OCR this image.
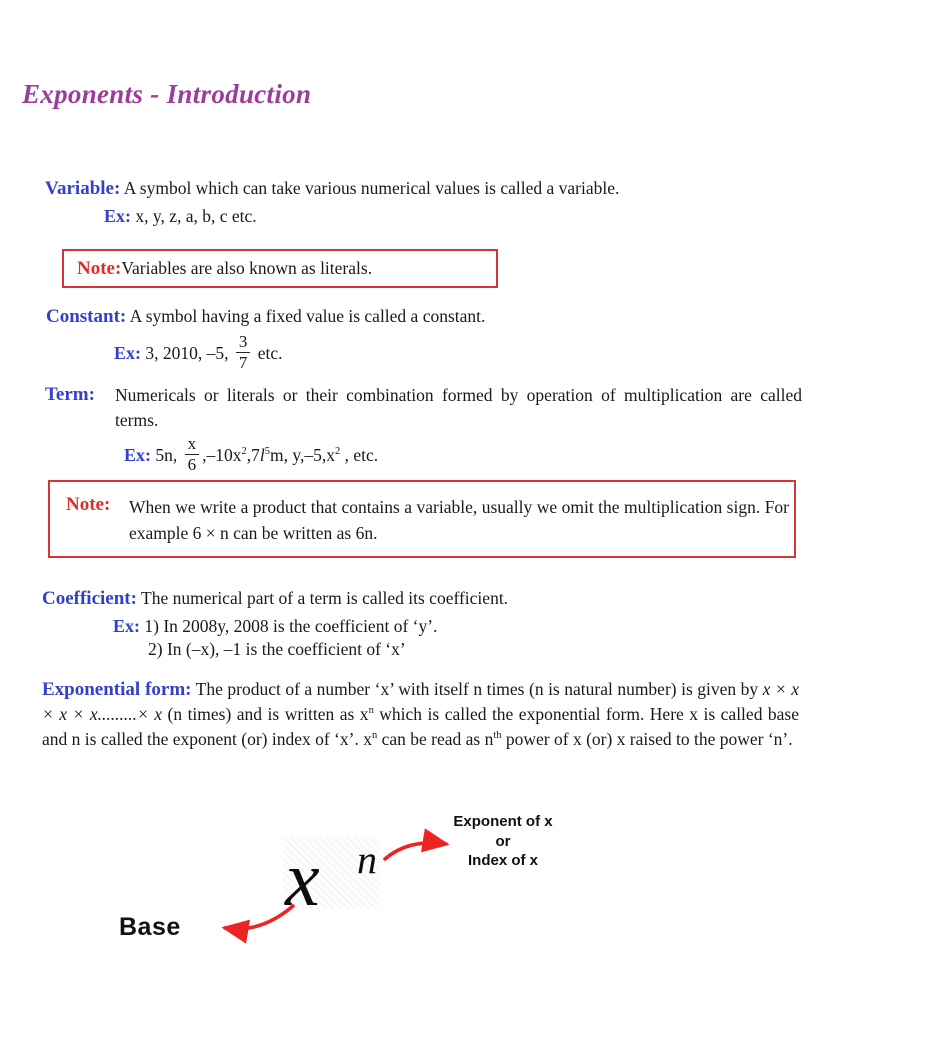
Exponents - Introduction
Variable: A symbol which can take various numerical values is called a variable.
Ex: x, y, z, a, b, c etc.
Note: Variables are also known as literals.
Constant: A symbol having a fixed value is called a constant.
Ex: 3, 2010, –5, $\frac{3}{7}$ etc.
Term:	Numericals or literals or their combination formed by operation of multiplication are called terms.
Ex: 5n, $\frac{x}{6} ,-10x^2,7l^5m$, $y,-5,x^2$ , etc.
Note: When we write a product that contains a variable, usually we omit the multiplication sign. For example 6 × n can be written as 6n.
Coefficient: The numerical part of a term is called its coefficient.
Ex: 1) In 2008y, 2008 is the coefficient of ‘y’.
2) In (–x), –1 is the coefficient of ‘x’
Exponential form: The product of a number ‘x’ with itself n times (n is natural number) is given by x × x × x × x.........× x (n times) and is written as $x^n$ which is called the exponential form. Here x is called base and n is called the exponent (or) index of ‘x’. $x^n$ can be read as $n^{th}$ power of x (or) x raised to the power ‘n’.
x n
Exponent of x
or
Index of x
Base
